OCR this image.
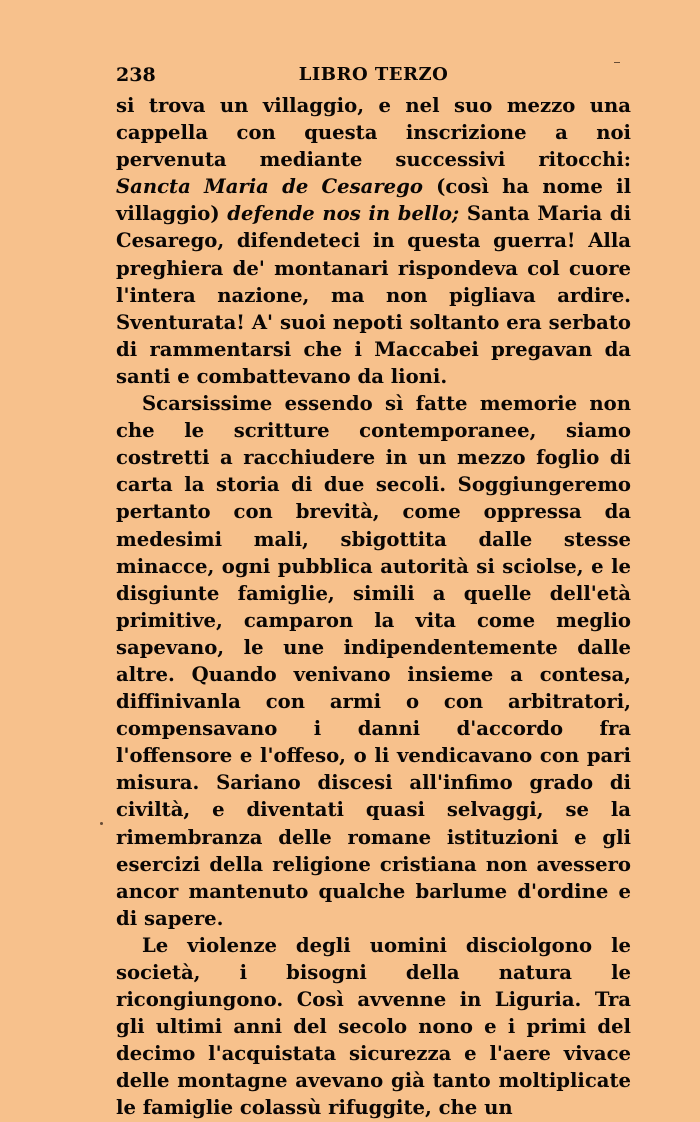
238	LIBRO TERZO

si trova un villaggio, e nel suo mezzo una cappella con questa inscrizione a noi pervenuta mediante successivi ritocchi: Sancta Maria de Cesarego (così ha nome il villaggio) defende nos in bello; Santa Maria di Cesarego, difendeteci in questa guerra! Alla preghiera de' montanari rispondeva col cuore l'intera nazione, ma non pigliava ardire. Sventurata! A' suoi nepoti soltanto era serbato di rammentarsi che i Maccabei pregavan da santi e combattevano da lioni.

Scarsissime essendo sì fatte memorie non che le scritture contemporanee, siamo costretti a racchiudere in un mezzo foglio di carta la storia di due secoli. Soggiungeremo pertanto con brevità, come oppressa da medesimi mali, sbigottita dalle stesse minacce, ogni pubblica autorità si sciolse, e le disgiunte famiglie, simili a quelle dell'età primitive, camparon la vita come meglio sapevano, le une indipendentemente dalle altre. Quando venivano insieme a contesa, diffinivanla con armi o con arbitratori, compensavano i danni d'accordo fra l'offensore e l'offeso, o li vendicavano con pari misura. Sariano discesi all'infimo grado di civiltà, e diventati quasi selvaggi, se la rimembranza delle romane istituzioni e gli esercizi della religione cristiana non avessero ancor mantenuto qualche barlume d'ordine e di sapere.

Le violenze degli uomini disciolgono le società, i bisogni della natura le ricongiungono. Così avvenne in Liguria. Tra gli ultimi anni del secolo nono e i primi del decimo l'acquistata sicurezza e l'aere vivace delle montagne avevano già tanto moltiplicate le famiglie colassù rifuggite, che un
